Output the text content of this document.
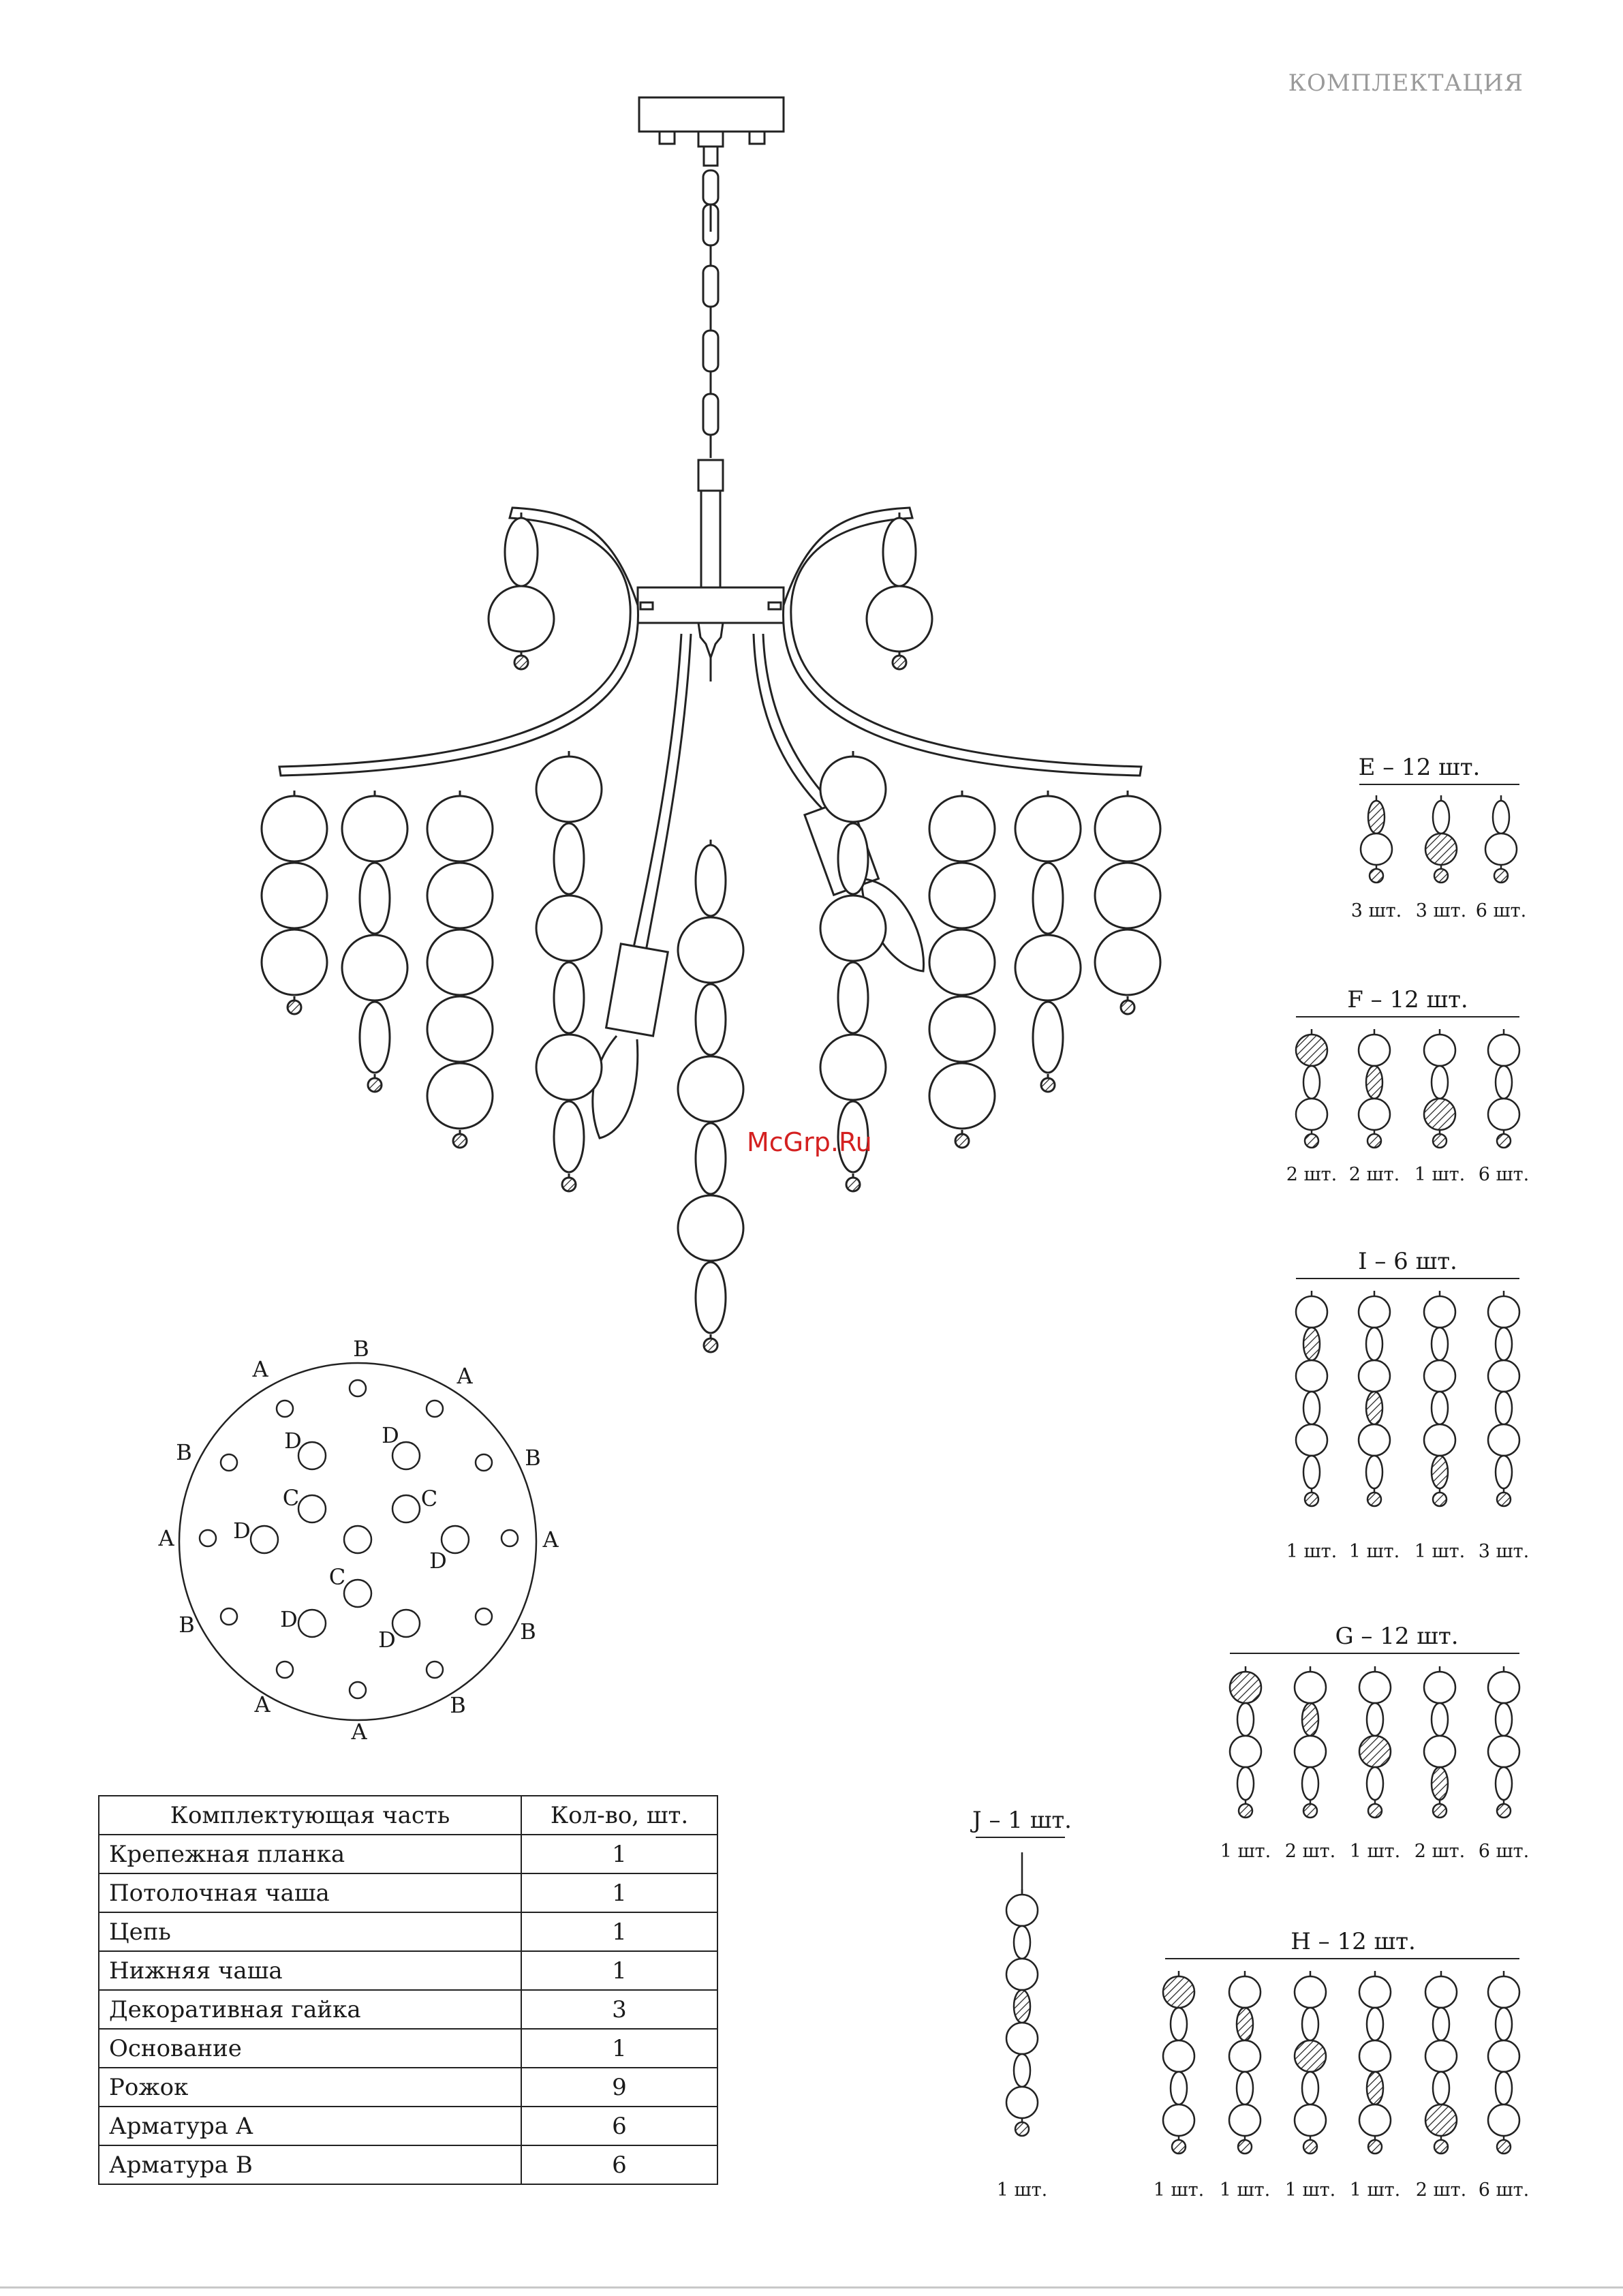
КОМПЛЕКТАЦИЯ
A
B
A
B	B
A	A
B	B
A	B
A
D	D
C	C
D
D
C
D
D
E – 12 шт.
3 шт. 3 шт. 6 шт.
F – 12 шт.
2 шт. 2 шт. 1 шт. 6 шт.
I – 6 шт.
1 шт. 1 шт. 1 шт. 3 шт.
G – 12 шт.
1 шт. 2 шт. 1 шт. 2 шт. 6 шт.
J – 1 шт.
1 шт.
H – 12 шт.
1 шт. 1 шт. 1 шт. 1 шт. 2 шт. 6 шт.
McGrp.Ru
Комплектующая часть	Кол-во, шт.
Крепежная планка	1
Потолочная чаша	1
Цепь	1
Нижняя чаша	1
Декоративная гайка	3
Основание	1
Рожок	9
Арматура А	6
Арматура В	6
